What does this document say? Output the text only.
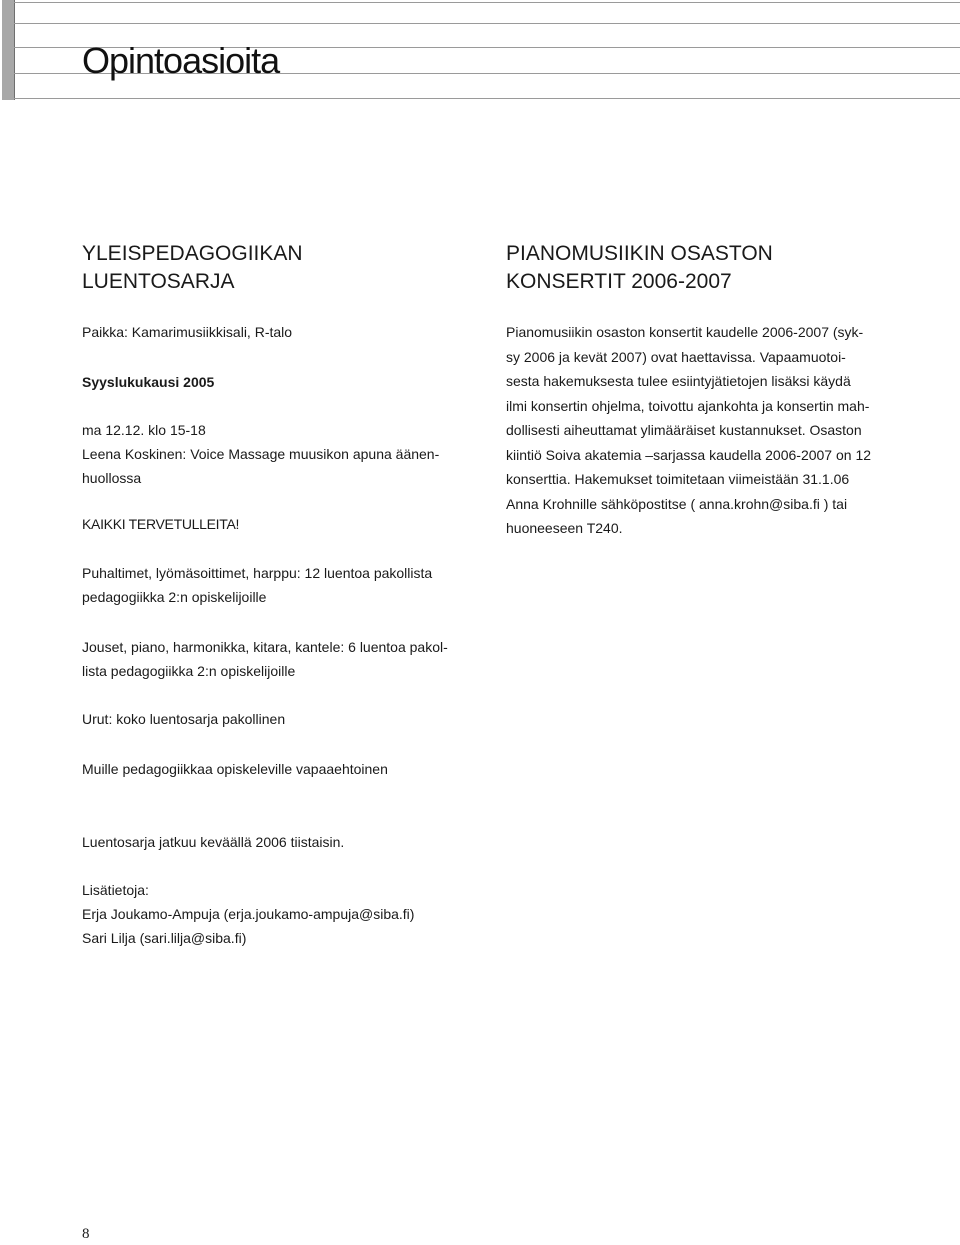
Opintoasioita
YLEISPEDAGOGIIKAN
LUENTOSARJA

Paikka: Kamarimusiikkisali, R-talo

Syyslukukausi 2005

ma 12.12. klo 15-18

Leena Koskinen: Voice Massage muusikon apuna äänen-
huollossa

KAIKKI TERVETULLEITA!

PIANOMUSIIKIN OSASTON
KONSERTIT 2006-2007
Pianomusiikin osaston konsertit kaudelle 2006-2007 (syk-
sy 2006 ja kevät 2007) ovat haettavissa. Vapaamuotoi-
sesta hakemuksesta tulee esiintyjätietojen lisäksi käydä
ilmi konsertin ohjelma, toivottu ajankohta ja konsertin mah-
dollisesti aiheuttamat ylimääräiset kustannukset. Osaston
kiintiö Soiva akatemia –sarjassa kaudella 2006-2007 on 12
konserttia. Hakemukset toimitetaan viimeistään 31.1.06
Anna Krohnille sähköpostitse ( anna.krohn@siba.fi ) tai
huoneeseen T240.

Puhaltimet, lyömäsoittimet, harppu: 12 luentoa pakollista

pedagogiikka 2:n opiskelijoille

Jouset, piano, harmonikka, kitara, kantele: 6 luentoa pakol-

lista pedagogiikka 2:n opiskelijoille

Urut: koko luentosarja pakollinen

Muille pedagogiikkaa opiskeleville vapaaehtoinen

Luentosarja jatkuu keväällä 2006 tiistaisin.

Lisätietoja:

Erja Joukamo-Ampuja (erja.joukamo-ampuja@siba.fi)

Sari Lilja (sari.lilja@siba.fi)

8
